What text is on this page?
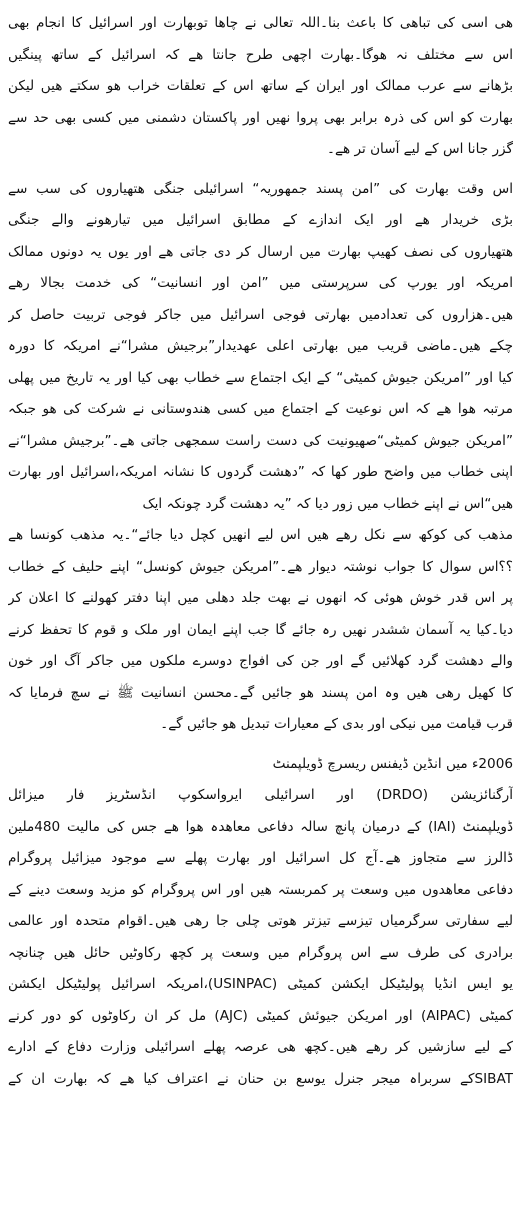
ھی اسی کی تباھی کا باعث بنا۔اللہ تعالی نے چاھا توبھارت اور اسرائیل کا انجام بھی
اس سے مختلف نہ ھوگا۔بھارت اچھی طرح جانتا ھے کہ اسرائیل کے ساتھ پینگیں
بڑھانے سے عرب ممالک اور ایران کے ساتھ اس کے تعلقات خراب ھو سکتے ھیں لیکن
بھارت کو اس کی ذرہ برابر بھی پروا نھیں اور پاکستان دشمنی میں کسی بھی حد سے
گزر جانا اس کے لیے آسان تر ھے۔
اس وقت بھارت کی ”امن پسند جمھوریہ“ اسرائیلی جنگی ھتھیاروں کی سب سے
بڑی خریدار ھے اور ایک اندازے کے مطابق اسرائیل میں تیارھونے والے جنگی
ھتھیاروں کی نصف کھیپ بھارت میں ارسال کر دی جاتی ھے اور یوں یہ دونوں ممالک
امریکہ اور یورپ کی سرپرستی میں ”امن اور انسانیت“ کی خدمت بجالا رھے
ھیں۔ھزاروں کی تعدادمیں بھارتی فوجی اسرائیل میں جاکر فوجی تربیت حاصل کر
چکے ھیں۔ماضی قریب میں بھارتی اعلی عھدیدار”برجیش مشرا“نے امریکہ کا دورہ
کیا اور ”امریکن جیوش کمیٹی“ کے ایک اجتماع سے خطاب بھی کیا اور یہ تاریخ میں پھلی
مرتبہ ھوا ھے کہ اس نوعیت کے اجتماع میں کسی ھندوستانی نے شرکت کی ھو جبکہ
”امریکن جیوش کمیٹی“صھیونیت کی دست راست سمجھی جاتی ھے۔”برجیش مشرا“نے
اپنی خطاب میں واضح طور کھا کہ ”دھشت گردوں کا نشانہ امریکہ،اسرائیل اور بھارت
ھیں“اس نے اپنے خطاب میں زور دیا کہ ”یہ دھشت گرد چونکہ ایک
مذھب کی کوکھ سے نکل رھے ھیں اس لیے انھیں کچل دیا جائے“۔یہ مذھب کونسا ھے
؟؟اس سوال کا جواب نوشتہ دیوار ھے۔”امریکن جیوش کونسل“ اپنے حلیف کے خطاب
پر اس قدر خوش ھوئی کہ انھوں نے بھت جلد دھلی میں اپنا دفتر کھولنے کا اعلان کر
دیا۔کیا یہ آسمان ششدر نھیں رہ جائے گا جب اپنے ایمان اور ملک و قوم کا تحفظ کرنے
والے دھشت گرد کھلائیں گے اور جن کی افواج دوسرے ملکوں میں جاکر آگ اور خون
کا کھیل رھی ھیں وہ امن پسند ھو جائیں گے۔محسن انسانیت ﷺ نے سچ فرمایا کہ
قرب قیامت میں نیکی اور بدی کے معیارات تبدیل ھو جائیں گے۔
2006ء میں انڈین ڈیفنس ریسرچ ڈویلپمنٹ
آرگنائزیشن (DRDO) اور اسرائیلی ایرواسکوپ انڈسٹریز فار میزائل
ڈویلپمنٹ (IAI) کے درمیان پانچ سالہ دفاعی معاھدہ ھوا ھے جس کی مالیت 480ملین
ڈالرز سے متجاوز ھے۔آج کل اسرائیل اور بھارت پھلے سے موجود میزائیل پروگرام
دفاعی معاھدوں میں وسعت پر کمربستہ ھیں اور اس پروگرام کو مزید وسعت دینے کے
لیے سفارتی سرگرمیاں تیزسے تیزتر ھوتی چلی جا رھی ھیں۔اقوام متحدہ اور عالمی
برادری کی طرف سے اس پروگرام میں وسعت پر کچھ رکاوٹیں حائل ھیں چنانچہ
یو ایس انڈیا پولیٹیکل ایکشن کمیٹی (USINPAC)،امریکہ اسرائیل پولیٹیکل ایکشن
کمیٹی (AIPAC) اور امریکن جیوئش کمیٹی (AJC) مل کر ان رکاوٹوں کو دور کرنے
کے لیے سازشیں کر رھے ھیں۔کچھ ھی عرصہ پھلے اسرائیلی وزارت دفاع کے ادارے
SIBATکے سربراہ میجر جنرل یوسع بن حنان نے اعتراف کیا ھے کہ بھارت ان کے
